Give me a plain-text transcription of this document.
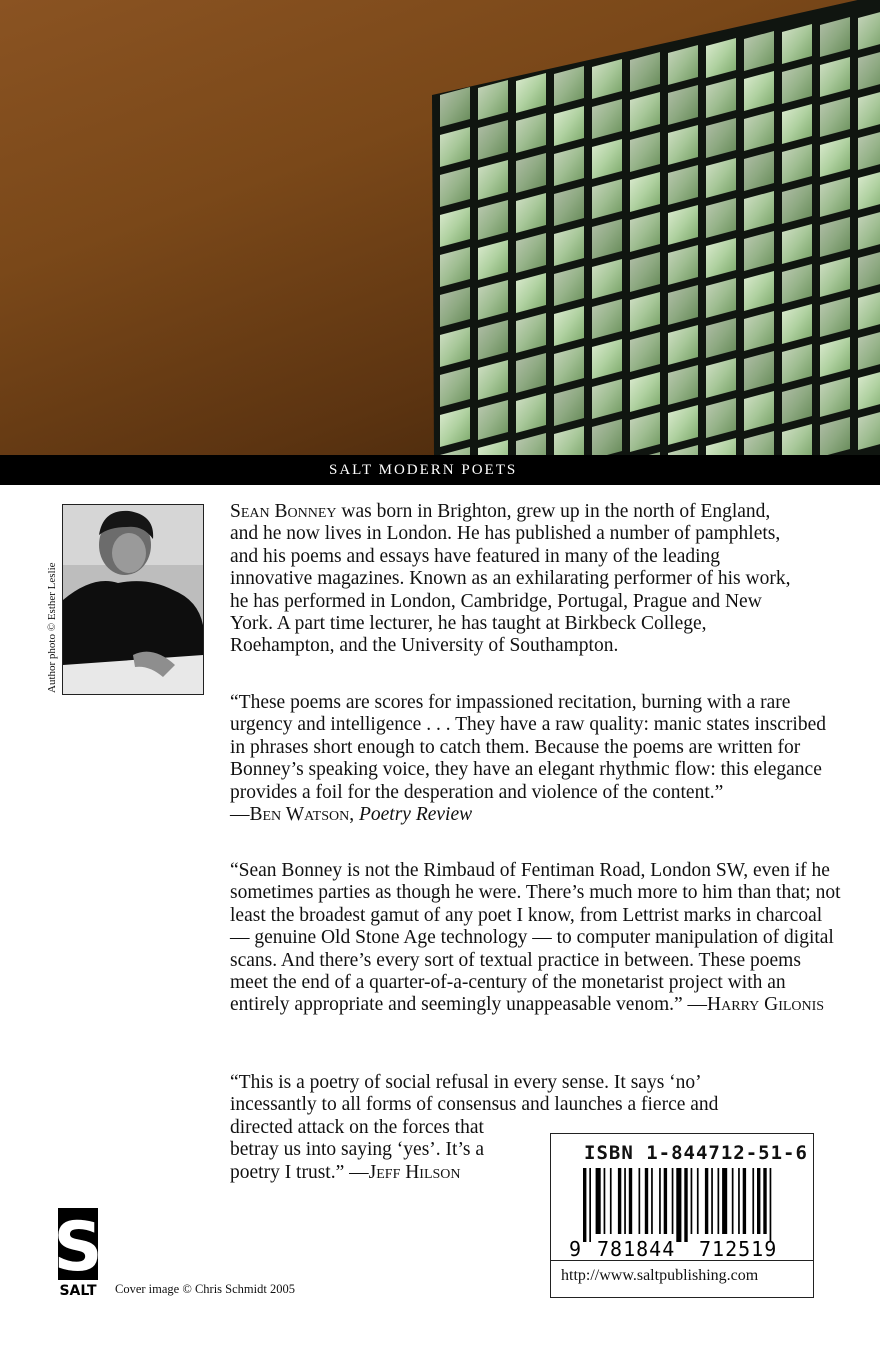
SALT MODERN POETS
Author photo © Esther Leslie
Sean Bonney was born in Brighton, grew up in the north of England, and he now lives in London. He has published a number of pamphlets, and his poems and essays have featured in many of the leading innovative magazines. Known as an exhilarating performer of his work, he has performed in London, Cambridge, Portugal, Prague and New York. A part time lecturer, he has taught at Birkbeck College, Roehampton, and the University of Southampton.

“These poems are scores for impassioned recitation, burning with a rare urgency and intelligence . . . They have a raw quality: manic states inscribed in phrases short enough to catch them. Because the poems are written for Bonney’s speaking voice, they have an elegant rhythmic flow: this elegance provides a foil for the desperation and violence of the content.”

—Ben Watson, Poetry Review

“Sean Bonney is not the Rimbaud of Fentiman Road, London SW, even if he sometimes parties as though he were. There’s much more to him than that; not least the broadest gamut of any poet I know, from Lettrist marks in charcoal — genuine Old Stone Age technology — to computer manipulation of digital scans. And there’s every sort of textual practice in between. These poems meet the end of a quarter-of-a-century of the monetarist project with an entirely appropriate and seemingly unappeasable venom.” —Harry Gilonis

“This is a poetry of social refusal in every sense. It says ‘no’

incessantly to all forms of consensus and launches a fierce and

directed attack on the forces that

betray us into saying ‘yes’. It’s a

poetry I trust.” —Jeff Hilson

ISBN 1-844712-51-6
9 781844 712519
http://www.saltpublishing.com
S
SALT Cover image © Chris Schmidt 2005
